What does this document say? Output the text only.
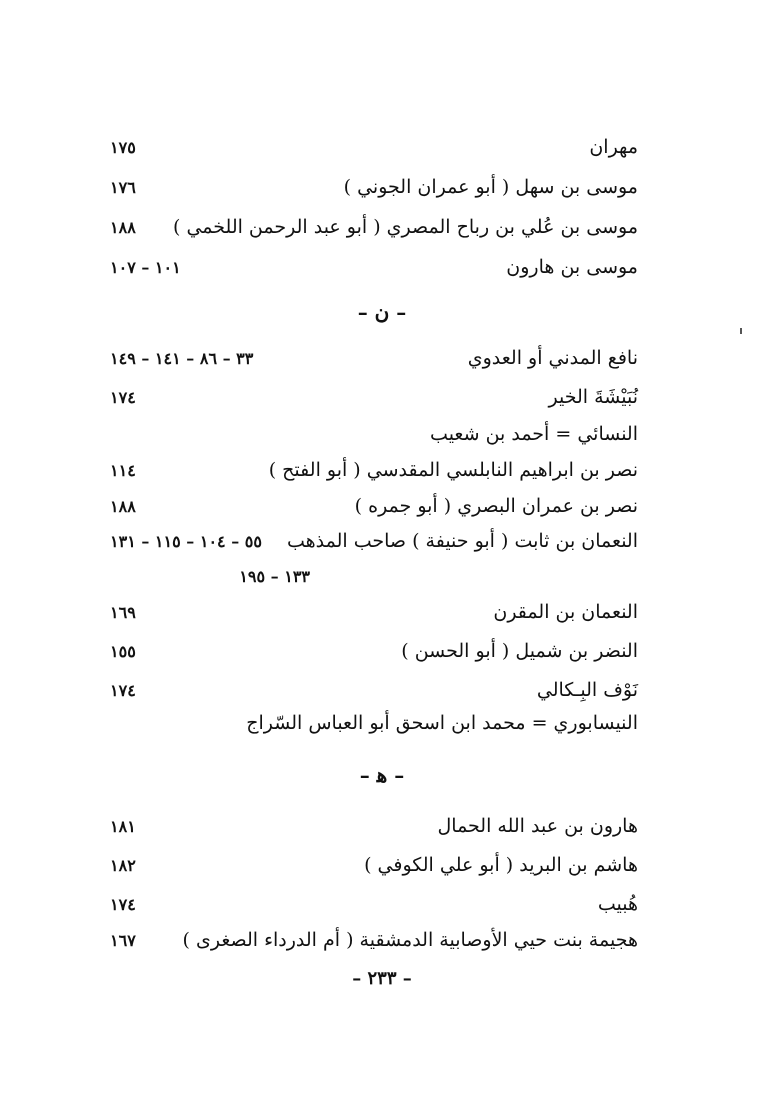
مهران
١٧٥
موسى بن سهل ( أبو عمران الجوني )
١٧٦
موسى بن عُلي بن رباح المصري ( أبو عبد الرحمن اللخمي )
١٨٨
موسى بن هارون
١٠١ – ١٠٧
– ن –
نافع المدني أو العدوي
٣٣ – ٨٦ – ١٤١ – ١٤٩
نُبَيْشَةَ الخير
١٧٤
النسائي = أحمد بن شعيب
نصر بن ابراهيم النابلسي المقدسي ( أبو الفتح )
١١٤
نصر بن عمران البصري ( أبو جمره )
١٨٨
النعمان بن ثابت ( أبو حنيفة ) صاحب المذهب
٥٥ – ١٠٤ – ١١٥ – ١٣١
١٣٣ – ١٩٥
النعمان بن المقرن
١٦٩
النضر بن شميل ( أبو الحسن )
١٥٥
نَوْف البِـكالي
١٧٤
النيسابوري = محمد ابن اسحق أبو العباس السّراج
– ﻫ –
هارون بن عبد الله الحمال
١٨١
هاشم بن البريد ( أبو علي الكوفي )
١٨٢
هُبيب
١٧٤
هجيمة بنت حيي الأوصابية الدمشقية ( أم الدرداء الصغرى )
١٦٧
– ٢٣٣ –
